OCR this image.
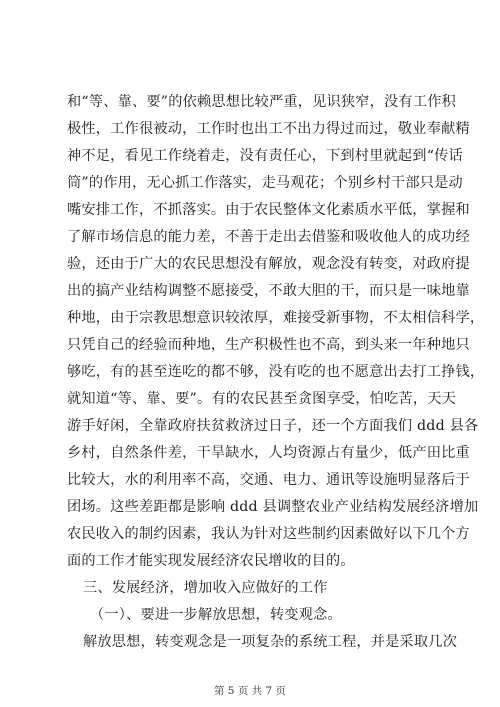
和“等、靠、要”的依赖思想比较严重，见识狭窄，没有工作积
极性，工作很被动，工作时也出工不出力得过而过，敬业奉献精
神不足，看见工作绕着走，没有责任心，下到村里就起到“传话
筒”的作用，无心抓工作落实，走马观花；个别乡村干部只是动
嘴安排工作，不抓落实。由于农民整体文化素质水平低，掌握和
了解市场信息的能力差，不善于走出去借鉴和吸收他人的成功经
验，还由于广大的农民思想没有解放，观念没有转变，对政府提
出的搞产业结构调整不愿接受，不敢大胆的干，而只是一味地靠
种地，由于宗教思想意识较浓厚，难接受新事物，不太相信科学，
只凭自己的经验而种地，生产积极性也不高，到头来一年种地只
够吃，有的甚至连吃的都不够，没有吃的也不愿意出去打工挣钱，
就知道“等、靠、要”。有的农民甚至贪图享受，怕吃苦，天天
游手好闲，全靠政府扶贫救济过日子，还一个方面我们 ddd 县各
乡村，自然条件差，干旱缺水，人均资源占有量少，低产田比重
比较大，水的利用率不高，交通、电力、通讯等设施明显落后于
团场。这些差距都是影响 ddd 县调整农业产业结构发展经济增加
农民收入的制约因素，我认为针对这些制约因素做好以下几个方
面的工作才能实现发展经济农民增收的目的。
三、发展经济，增加收入应做好的工作
（一）、要进一步解放思想，转变观念。
解放思想，转变观念是一项复杂的系统工程，并是采取几次
第 5 页 共 7 页
